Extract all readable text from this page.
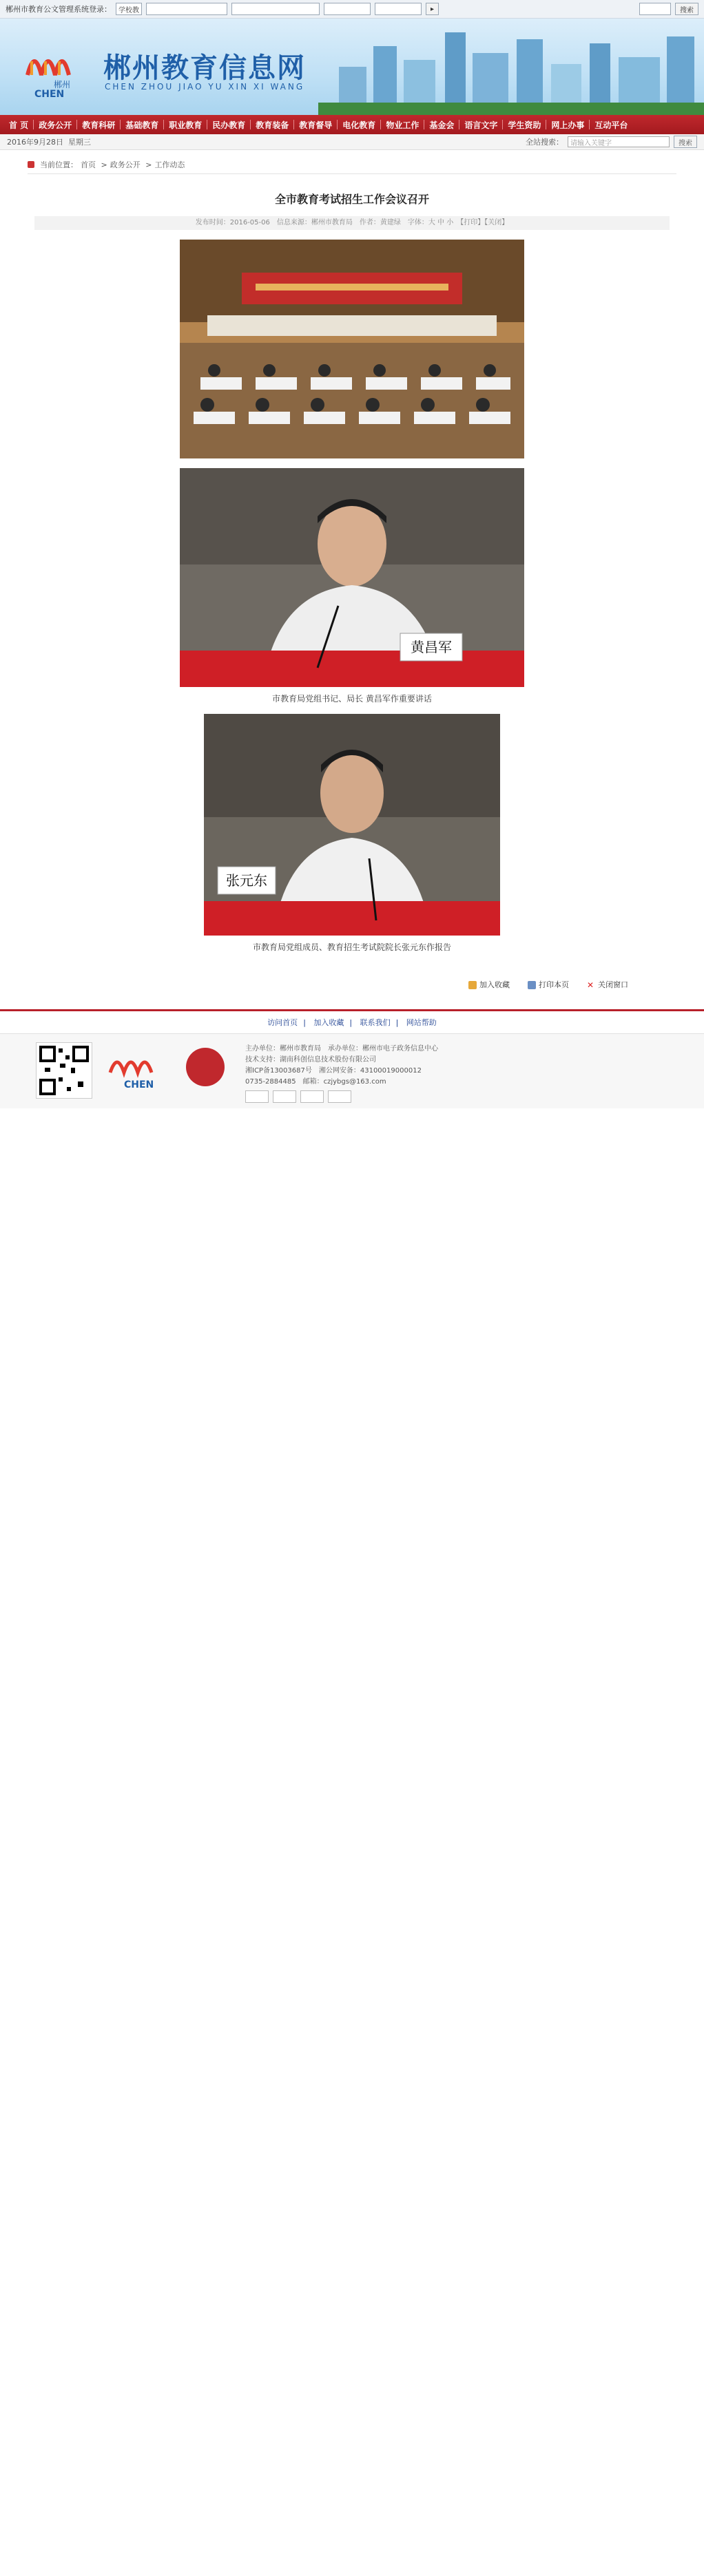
郴州市教育公文管理系统登录：	学校教	▸
	搜索
郴州
CHEN
郴州教育信息网
CHEN ZHOU JIAO YU XIN XI WANG
首 页	政务公开	教育科研	基础教育	职业教育	民办教育	教育装备	教育督导	电化教育	物业工作	基金会	语言文字	学生资助	网上办事	互动平台
2016年9月28日
星期三	全站搜索：	请输入关键字	搜索
当前位置： 首页 > 政务公开 > 工作动态
全市教育考试招生工作会议召开
发布时间：2016-05-06　信息来源：郴州市教育局　作者：黄建绿　字体：大 中 小　【打印】【关闭】

黄昌军
市教育局党组书记、局长 黄昌军作重要讲话
张元东
市教育局党组成员、教育招生考试院院长张元东作报告
加入收藏	打印本页 ✕ 关闭窗口
访问首页 | 加入收藏 | 联系我们 | 网站帮助
CHEN
主办单位：郴州市教育局　承办单位：郴州市电子政务信息中心
技术支持：湖南科创信息技术股份有限公司
湘ICP备13003687号　湘公网安备：43100019000012
0735-2884485　邮箱：czjybgs@163.com
